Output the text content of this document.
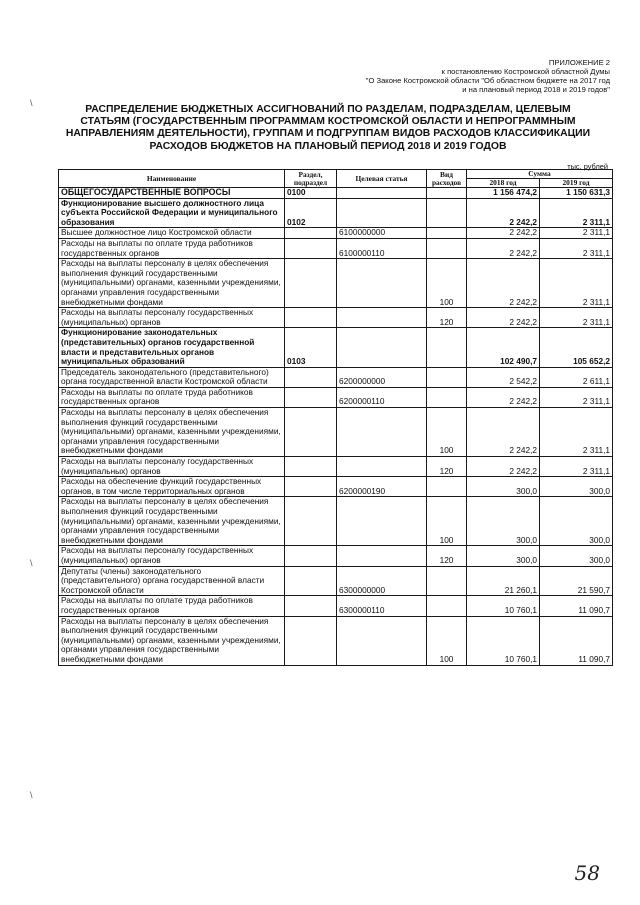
ПРИЛОЖЕНИЕ 2
к постановлению Костромской областной Думы
"О Законе Костромской области "Об областном бюджете на 2017 год
и на плановый период 2018 и 2019 годов"
РАСПРЕДЕЛЕНИЕ БЮДЖЕТНЫХ АССИГНОВАНИЙ ПО РАЗДЕЛАМ, ПОДРАЗДЕЛАМ, ЦЕЛЕВЫМ
СТАТЬЯМ (ГОСУДАРСТВЕННЫМ ПРОГРАММАМ КОСТРОМСКОЙ ОБЛАСТИ И НЕПРОГРАММНЫМ
НАПРАВЛЕНИЯМ ДЕЯТЕЛЬНОСТИ), ГРУППАМ И ПОДГРУППАМ ВИДОВ РАСХОДОВ КЛАССИФИКАЦИИ
РАСХОДОВ БЮДЖЕТОВ НА ПЛАНОВЫЙ ПЕРИОД 2018 И 2019 ГОДОВ
тыс. рублей
Наименование	Раздел, подраздел	Целевая статья	Вид расходов	Сумма	
				2018 год	2019 год
ОБЩЕГОСУДАРСТВЕННЫЕ ВОПРОСЫ	0100			1 156 474,2	1 150 631,3
Функционирование высшего должностного лица субъекта Российской Федерации и муниципального образования	0102			2 242,2	2 311,1
Высшее должностное лицо Костромской области		6100000000		2 242,2	2 311,1
Расходы на выплаты по оплате труда работников государственных органов		6100000110		2 242,2	2 311,1
Расходы на выплаты персоналу в целях обеспечения выполнения функций государственными (муниципальными) органами, казенными учреждениями, органами управления государственными внебюджетными фондами			100	2 242,2	2 311,1
Расходы на выплаты персоналу государственных (муниципальных) органов			120	2 242,2	2 311,1
Функционирование законодательных (представительных) органов государственной власти и представительных органов муниципальных образований	0103			102 490,7	105 652,2
Председатель законодательного (представительного) органа государственной власти Костромской области		6200000000		2 542,2	2 611,1
Расходы на выплаты по оплате труда работников государственных органов		6200000110		2 242,2	2 311,1
Расходы на выплаты персоналу в целях обеспечения выполнения функций государственными (муниципальными) органами, казенными учреждениями, органами управления государственными внебюджетными фондами			100	2 242,2	2 311,1
Расходы на выплаты персоналу государственных (муниципальных) органов			120	2 242,2	2 311,1
Расходы на обеспечение функций государственных органов, в том числе территориальных органов		6200000190		300,0	300,0
Расходы на выплаты персоналу в целях обеспечения выполнения функций государственными (муниципальными) органами, казенными учреждениями, органами управления государственными внебюджетными фондами			100	300,0	300,0
Расходы на выплаты персоналу государственных (муниципальных) органов			120	300,0	300,0
Депутаты (члены) законодательного (представительного) органа государственной власти Костромской области		6300000000		21 260,1	21 590,7
Расходы на выплаты по оплате труда работников государственных органов		6300000110		10 760,1	11 090,7
Расходы на выплаты персоналу в целях обеспечения выполнения функций государственными (муниципальными) органами, казенными учреждениями, органами управления государственными внебюджетными фондами			100	10 760,1	11 090,7
\
\
\
58
